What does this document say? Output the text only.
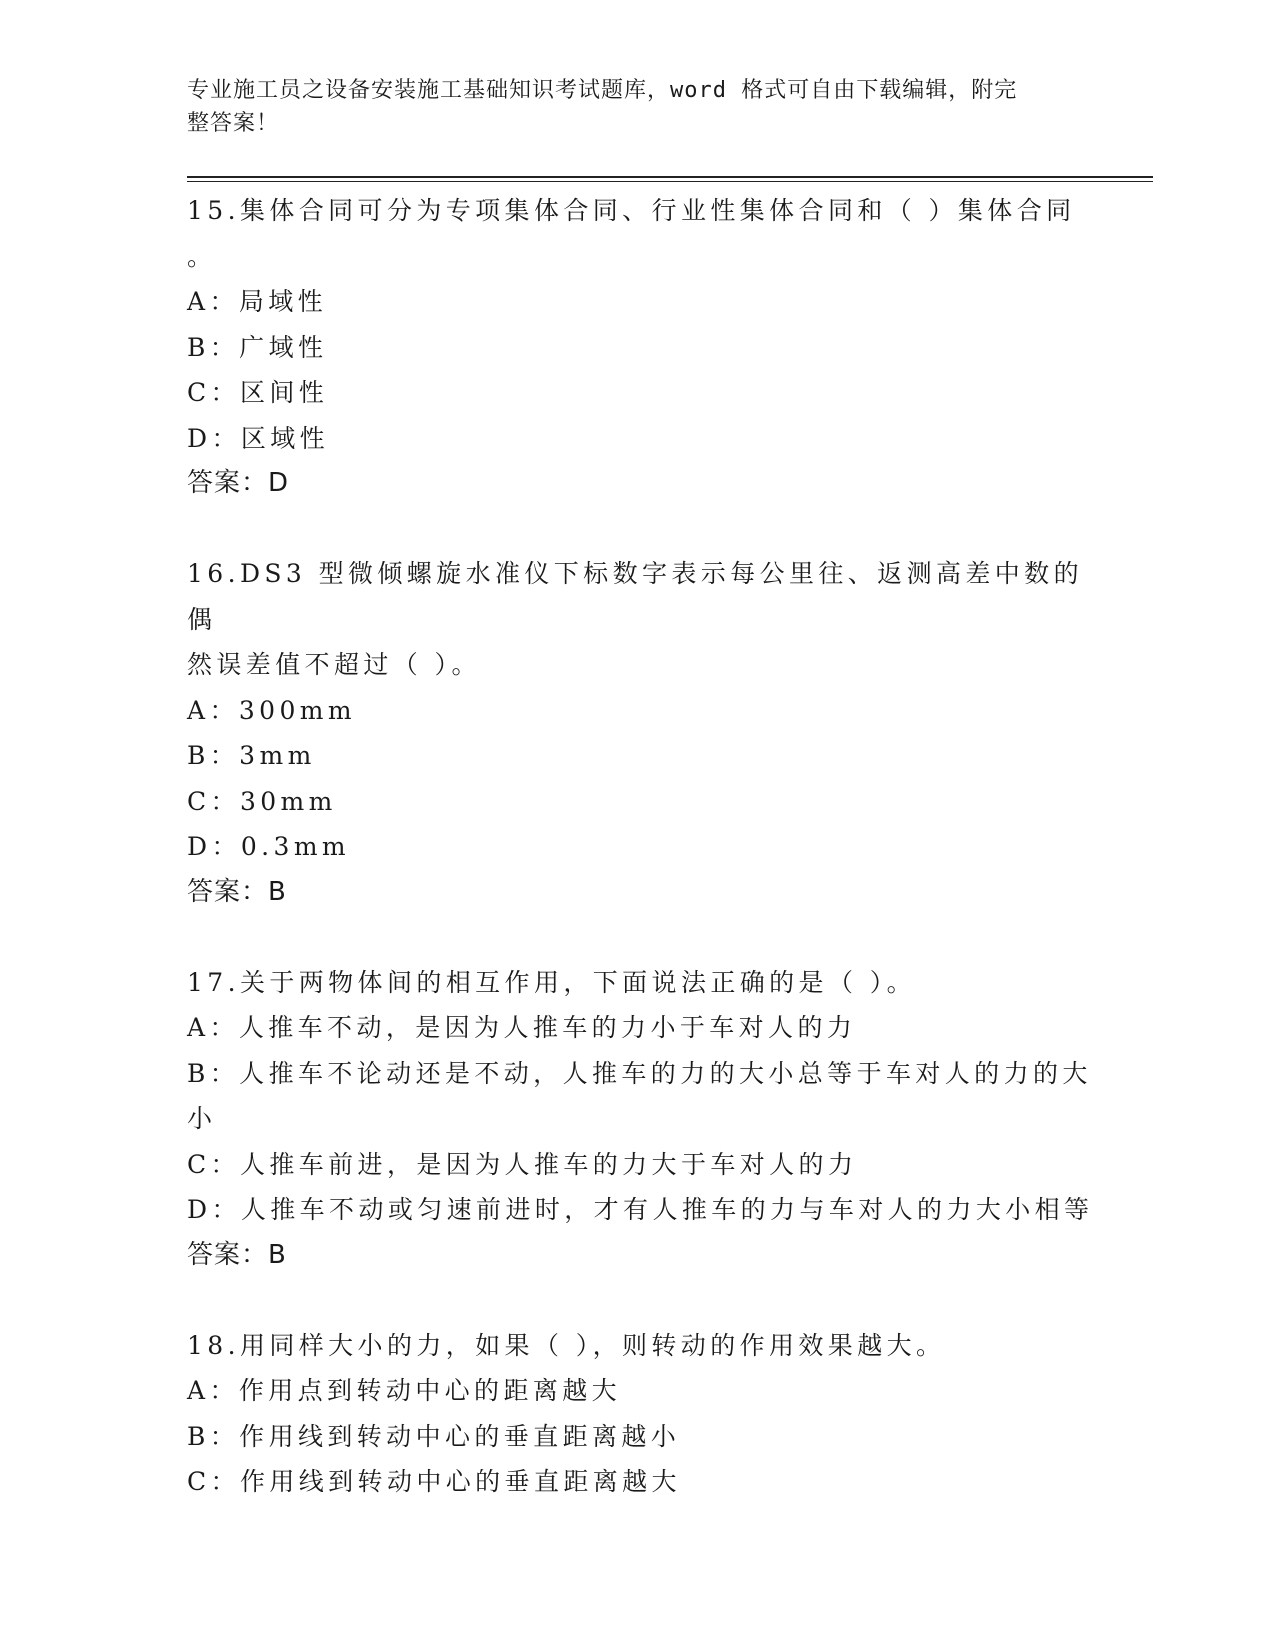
专业施工员之设备安装施工基础知识考试题库，word 格式可自由下载编辑，附完
整答案！
15.集体合同可分为专项集体合同、行业性集体合同和（ ）集体合同
。
A：局域性
B：广域性
C：区间性
D：区域性
答案：D
16.DS3 型微倾螺旋水准仪下标数字表示每公里往、返测高差中数的偶
然误差值不超过（ ）。
A：300mm
B：3mm
C：30mm
D：0.3mm
答案：B
17.关于两物体间的相互作用，下面说法正确的是（ ）。
A：人推车不动，是因为人推车的力小于车对人的力
B：人推车不论动还是不动，人推车的力的大小总等于车对人的力的大
小
C：人推车前进，是因为人推车的力大于车对人的力
D：人推车不动或匀速前进时，才有人推车的力与车对人的力大小相等
答案：B
18.用同样大小的力，如果（ ），则转动的作用效果越大。
A：作用点到转动中心的距离越大
B：作用线到转动中心的垂直距离越小
C：作用线到转动中心的垂直距离越大
